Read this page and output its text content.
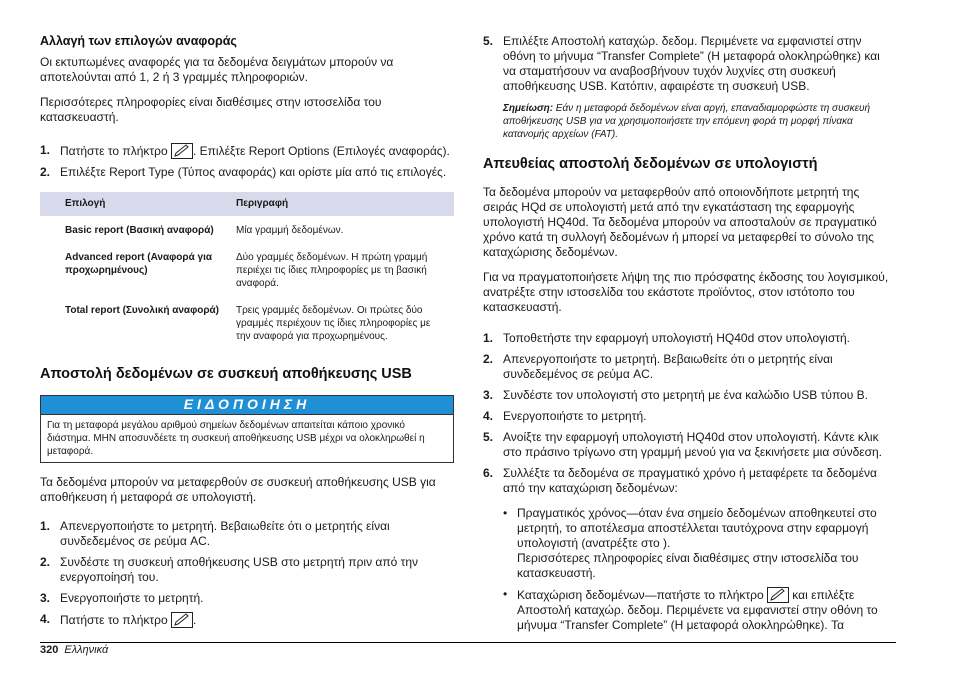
Αλλαγή των επιλογών αναφοράς

Οι εκτυπωμένες αναφορές για τα δεδομένα δειγμάτων μπορούν να αποτελούνται από 1, 2 ή 3 γραμμές πληροφοριών.

Περισσότερες πληροφορίες είναι διαθέσιμες στην ιστοσελίδα του κατασκευαστή.

1. Πατήστε το πλήκτρο . Επιλέξτε Report Options (Επιλογές αναφοράς).
2. Επιλέξτε Report Type (Τύπος αναφοράς) και ορίστε μία από τις επιλογές.
Επιλογή	Περιγραφή
Basic report (Βασική αναφορά)	Μία γραμμή δεδομένων.
Advanced report (Αναφορά για προχωρημένους)	Δύο γραμμές δεδομένων. Η πρώτη γραμμή περιέχει τις ίδιες πληροφορίες με τη βασική αναφορά.
Total report (Συνολική αναφορά)	Τρεις γραμμές δεδομένων. Οι πρώτες δύο γραμμές περιέχουν τις ίδιες πληροφορίες με την αναφορά για προχωρημένους.
Αποστολή δεδομένων σε συσκευή αποθήκευσης USB
ΕΙΔΟΠΟΙΗΣΗ
Για τη μεταφορά μεγάλου αριθμού σημείων δεδομένων απαιτείται κάποιο χρονικό διάστημα. MHN αποσυνδέετε τη συσκευή αποθήκευσης USB μέχρι να ολοκληρωθεί η μεταφορά.

Τα δεδομένα μπορούν να μεταφερθούν σε συσκευή αποθήκευσης USB για αποθήκευση ή μεταφορά σε υπολογιστή.

1. Απενεργοποιήστε το μετρητή. Βεβαιωθείτε ότι ο μετρητής είναι συνδεδεμένος σε ρεύμα AC.
2. Συνδέστε τη συσκευή αποθήκευσης USB στο μετρητή πριν από την ενεργοποίησή του.
3. Ενεργοποιήστε το μετρητή.
4. Πατήστε το πλήκτρο .
5. Επιλέξτε Αποστολή καταχώρ. δεδομ. Περιμένετε να εμφανιστεί στην οθόνη το μήνυμα “Transfer Complete” (Η μεταφορά ολοκληρώθηκε) και να σταματήσουν να αναβοσβήνουν τυχόν λυχνίες στη συσκευή αποθήκευσης USB. Κατόπιν, αφαιρέστε τη συσκευή USB.
Σημείωση: Εάν η μεταφορά δεδομένων είναι αργή, επαναδιαμορφώστε τη συσκευή αποθήκευσης USB για να χρησιμοποιήσετε την επόμενη φορά τη μορφή πίνακα κατανομής αρχείων (FAT).
Απευθείας αποστολή δεδομένων σε υπολογιστή

Τα δεδομένα μπορούν να μεταφερθούν από οποιονδήποτε μετρητή της σειράς HQd σε υπολογιστή μετά από την εγκατάσταση της εφαρμογής υπολογιστή HQ40d. Τα δεδομένα μπορούν να αποσταλούν σε πραγματικό χρόνο κατά τη συλλογή δεδομένων ή μπορεί να μεταφερθεί το σύνολο της καταχώρισης δεδομένων.

Για να πραγματοποιήσετε λήψη της πιο πρόσφατης έκδοσης του λογισμικού, ανατρέξτε στην ιστοσελίδα του εκάστοτε προϊόντος, στον ιστότοπο του κατασκευαστή.

1. Τοποθετήστε την εφαρμογή υπολογιστή HQ40d στον υπολογιστή.
2. Απενεργοποιήστε το μετρητή. Βεβαιωθείτε ότι ο μετρητής είναι συνδεδεμένος σε ρεύμα AC.
3. Συνδέστε τον υπολογιστή στο μετρητή με ένα καλώδιο USB τύπου B.
4. Ενεργοποιήστε το μετρητή.
5. Ανοίξτε την εφαρμογή υπολογιστή HQ40d στον υπολογιστή. Κάντε κλικ στο πράσινο τρίγωνο στη γραμμή μενού για να ξεκινήσετε μια σύνδεση.
6. Συλλέξτε τα δεδομένα σε πραγματικό χρόνο ή μεταφέρετε τα δεδομένα από την καταχώριση δεδομένων:
• Πραγματικός χρόνος—όταν ένα σημείο δεδομένων αποθηκευτεί στο μετρητή, το αποτέλεσμα αποστέλλεται ταυτόχρονα στην εφαρμογή υπολογιστή (ανατρέξτε στο ).
Περισσότερες πληροφορίες είναι διαθέσιμες στην ιστοσελίδα του κατασκευαστή.
• Καταχώριση δεδομένων—πατήστε το πλήκτρο  και επιλέξτε Αποστολή καταχώρ. δεδομ. Περιμένετε να εμφανιστεί στην οθόνη το μήνυμα “Transfer Complete” (Η μεταφορά ολοκληρώθηκε). Τα
320 Ελληνικά
